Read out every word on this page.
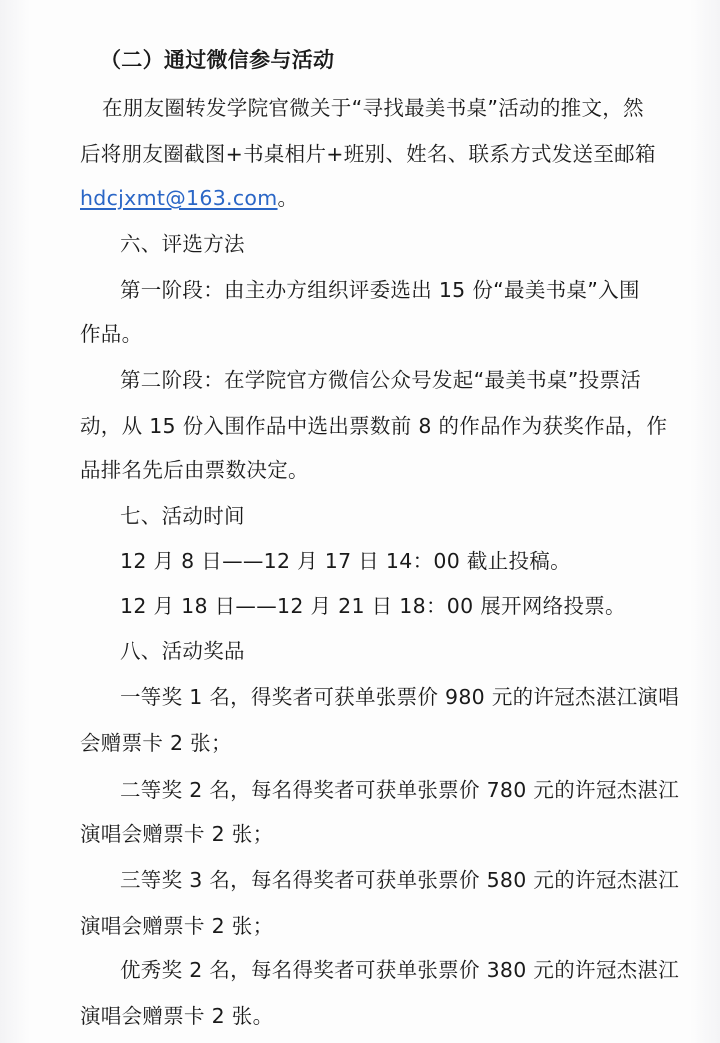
（二）通过微信参与活动
在朋友圈转发学院官微关于“寻找最美书桌”活动的推文，然
后将朋友圈截图+书桌相片+班别、姓名、联系方式发送至邮箱
hdcjxmt@163.com。
六、评选方法
第一阶段：由主办方组织评委选出 15 份“最美书桌”入围
作品。
第二阶段：在学院官方微信公众号发起“最美书桌”投票活
动，从 15 份入围作品中选出票数前 8 的作品作为获奖作品，作
品排名先后由票数决定。
七、活动时间
12 月 8 日——12 月 17 日 14：00 截止投稿。
12 月 18 日——12 月 21 日 18：00 展开网络投票。
八、活动奖品
一等奖 1 名，得奖者可获单张票价 980 元的许冠杰湛江演唱
会赠票卡 2 张；
二等奖 2 名，每名得奖者可获单张票价 780 元的许冠杰湛江
演唱会赠票卡 2 张；
三等奖 3 名，每名得奖者可获单张票价 580 元的许冠杰湛江
演唱会赠票卡 2 张；
优秀奖 2 名，每名得奖者可获单张票价 380 元的许冠杰湛江
演唱会赠票卡 2 张。
